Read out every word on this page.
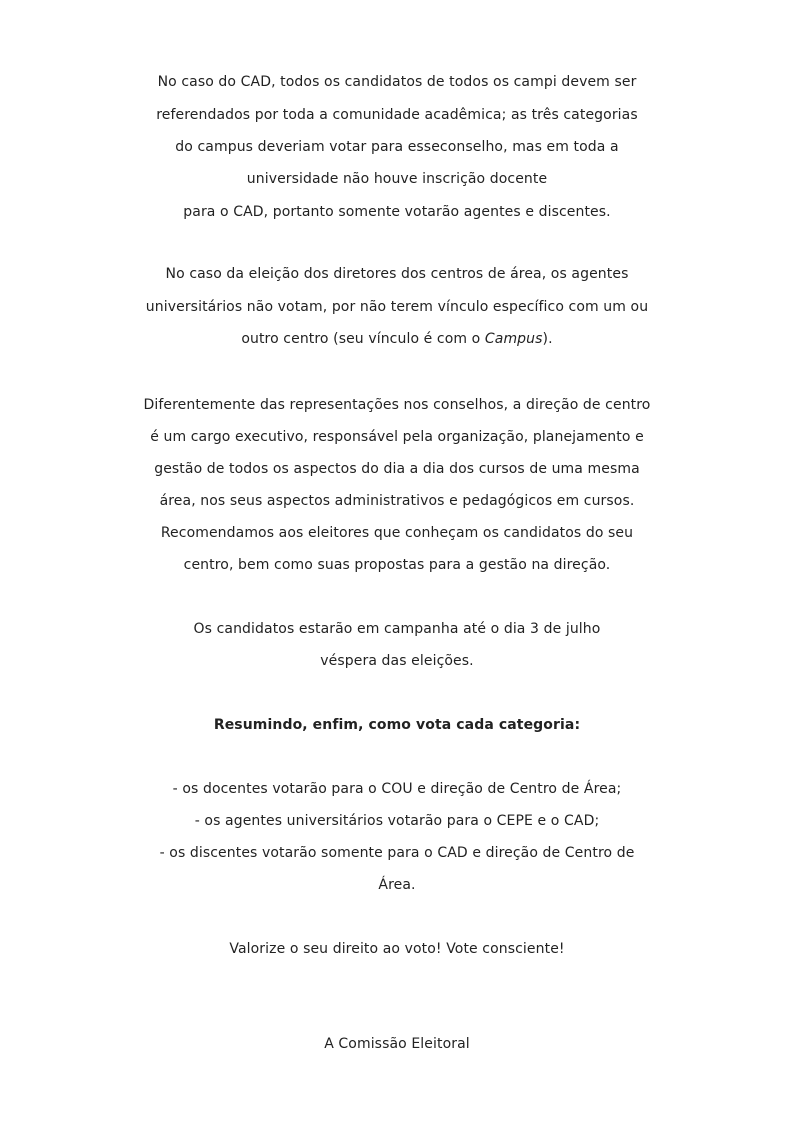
No caso do CAD, todos os candidatos de todos os campi devem ser
referendados por toda a comunidade acadêmica; as três categorias
do campus deveriam votar para esseconselho, mas em toda a
universidade não houve inscrição docente
para o CAD, portanto somente votarão agentes e discentes.
No caso da eleição dos diretores dos centros de área, os agentes
universitários não votam, por não terem vínculo específico com um ou
outro centro (seu vínculo é com o Campus).
Diferentemente das representações nos conselhos, a direção de centro
é um cargo executivo, responsável pela organização, planejamento e
gestão de todos os aspectos do dia a dia dos cursos de uma mesma
área, nos seus aspectos administrativos e pedagógicos em cursos.
Recomendamos aos eleitores que conheçam os candidatos do seu
centro, bem como suas propostas para a gestão na direção.
Os candidatos estarão em campanha até o dia 3 de julho
véspera das eleições.
Resumindo, enfim, como vota cada categoria:
- os docentes votarão para o COU e direção de Centro de Área;
- os agentes universitários votarão para o CEPE e o CAD;
- os discentes votarão somente para o CAD e direção de Centro de
Área.
Valorize o seu direito ao voto! Vote consciente!
A Comissão Eleitoral
